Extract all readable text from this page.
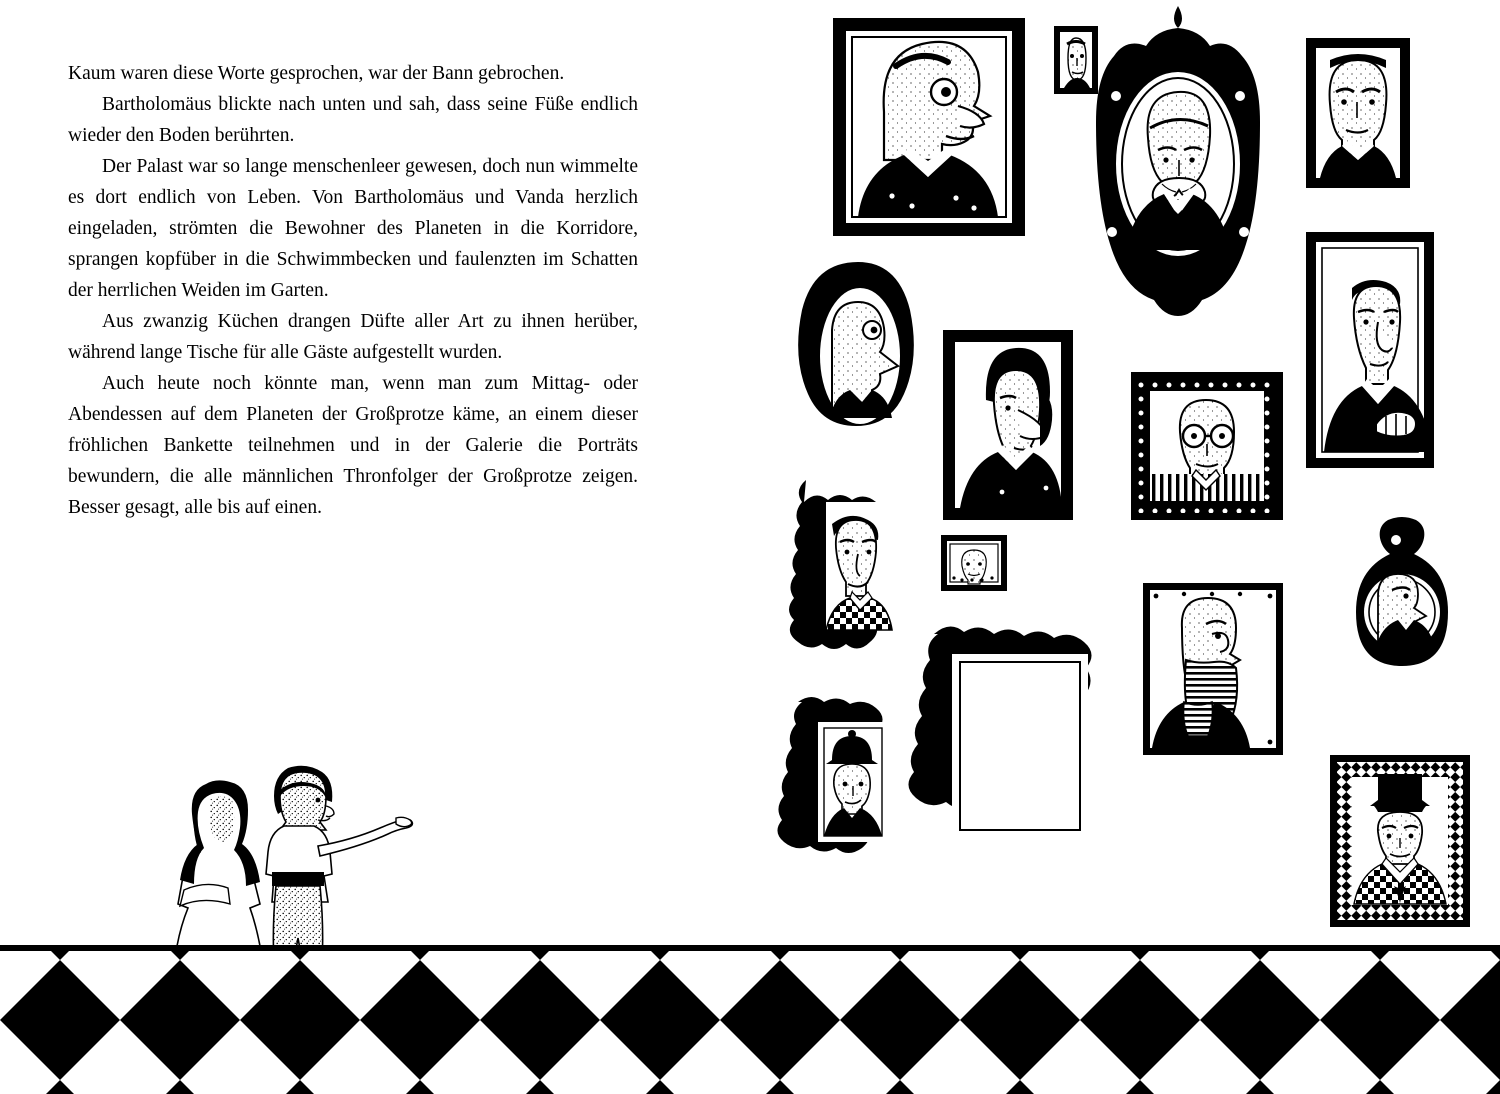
Kaum waren diese Worte gesprochen, war der Bann gebrochen.

Bartholomäus blickte nach unten und sah, dass seine Füße endlich wieder den Boden berührten.

Der Palast war so lange menschenleer gewesen, doch nun wimmelte es dort endlich von Leben. Von Bartholomäus und Vanda herzlich eingeladen, strömten die Bewohner des Planeten in die Korridore, sprangen kopfüber in die Schwimmbecken und faulenzten im Schatten der herrlichen Weiden im Garten.

Aus zwanzig Küchen drangen Düfte aller Art zu ihnen herüber, während lange Tische für alle Gäste aufgestellt wurden.

Auch heute noch könnte man, wenn man zum Mittag- oder Abendessen auf dem Planeten der Großprotze käme, an einem dieser fröhlichen Bankette teilnehmen und in der Galerie die Porträts bewundern, die alle männlichen Thronfolger der Großprotze zeigen. Besser gesagt, alle bis auf einen.
